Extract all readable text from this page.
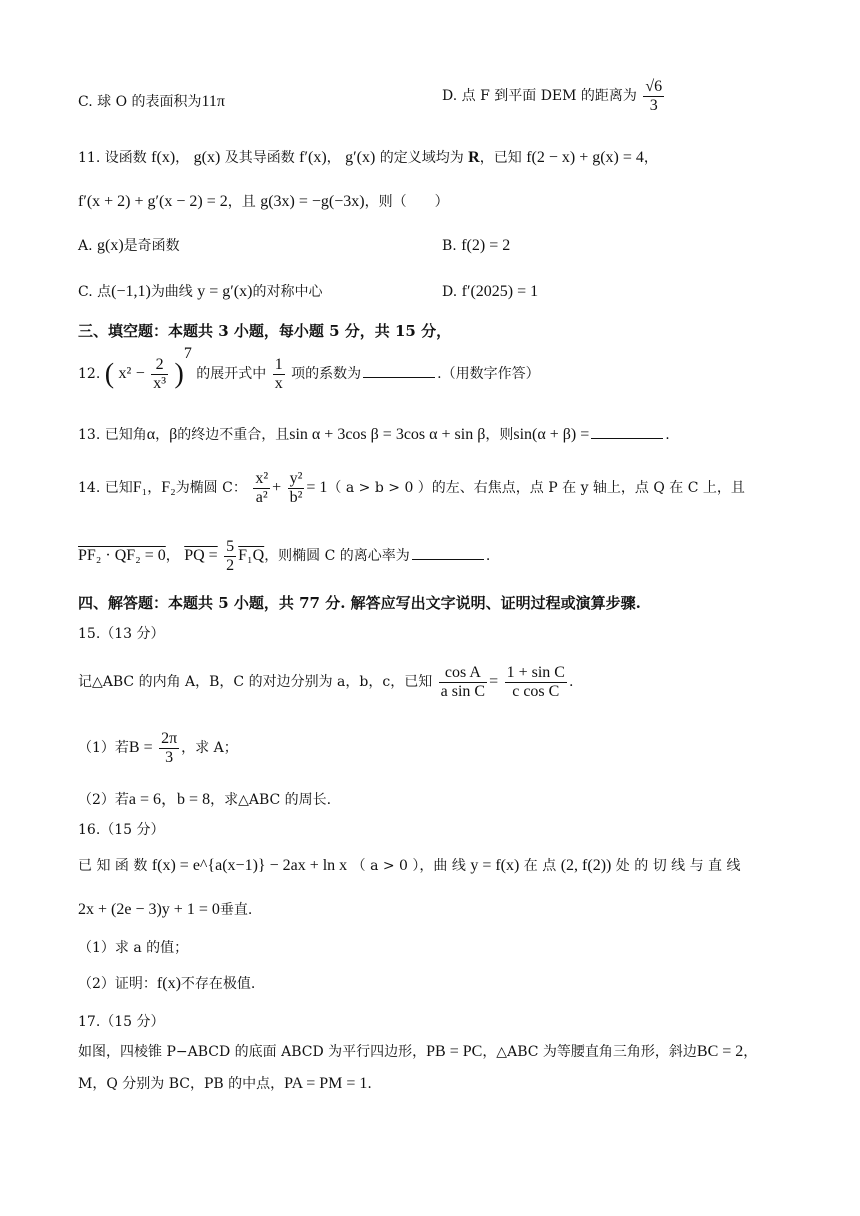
C. 球 O 的表面积为11π	D. 点 F 到平面 DEM 的距离为 $\frac{√6}{3}$
11. 设函数 f(x)， g(x) 及其导函数 f′(x)， g′(x) 的定义域均为 R，已知 f(2 − x) + g(x) = 4，
f′(x + 2) + g′(x − 2) = 2，且 g(3x) = −g(−3x)，则（　　）
A. g(x)是奇函数	B. f(2) = 2
C. 点(−1,1)为曲线 y = g′(x)的对称中心	D. f′(2025) = 1
三、填空题：本题共 3 小题，每小题 5 分，共 15 分，
12. ( $x^2 - \frac{2}{\text{x³}} )^7$ 的展开式中 $\frac{1}{x}$ 项的系数为	.（用数字作答）
13. 已知角α，β的终边不重合，且sin α + 3cos β = 3cos α + sin β，则sin(α + β) =	.
14. 已知F₁，F₂为椭圆 C： $\frac{\text{x²}}{\text{a²}} + \frac{\text{y²}}{\text{b²}} = 1$（ a > b > 0 ）的左、右焦点，点 P 在 y 轴上，点 Q 在 C 上，且
PF₂ · QF₂ = 0， PQ = $\frac{5}{2} F_1Q$，则椭圆 C 的离心率为	.
四、解答题：本题共 5 小题，共 77 分. 解答应写出文字说明、证明过程或演算步骤.
15.（13 分）
记△ABC 的内角 A，B，C 的对边分别为 a，b，c，已知 $\frac{\text{cos A}}{\text{a sin C}} = \frac{\text{1 + sin C}}{\text{c cos C}}$ .
（1）若$B = \frac{2\pi}{3}$ ，求 A；
（2）若a = 6，b = 8，求△ABC 的周长.
16.（15 分）
已 知 函 数 f(x) = e^{a(x−1)} − 2ax + ln x （ a > 0 ），曲 线 y = f(x) 在 点 (2, f(2)) 处 的 切 线 与 直 线
2x + (2e − 3)y + 1 = 0垂直.
（1）求 a 的值；
（2）证明：f(x)不存在极值.
17.（15 分）
如图，四棱锥 P−ABCD 的底面 ABCD 为平行四边形，PB = PC，△ABC 为等腰直角三角形，斜边BC = 2，
M，Q 分别为 BC，PB 的中点，PA = PM = 1.
